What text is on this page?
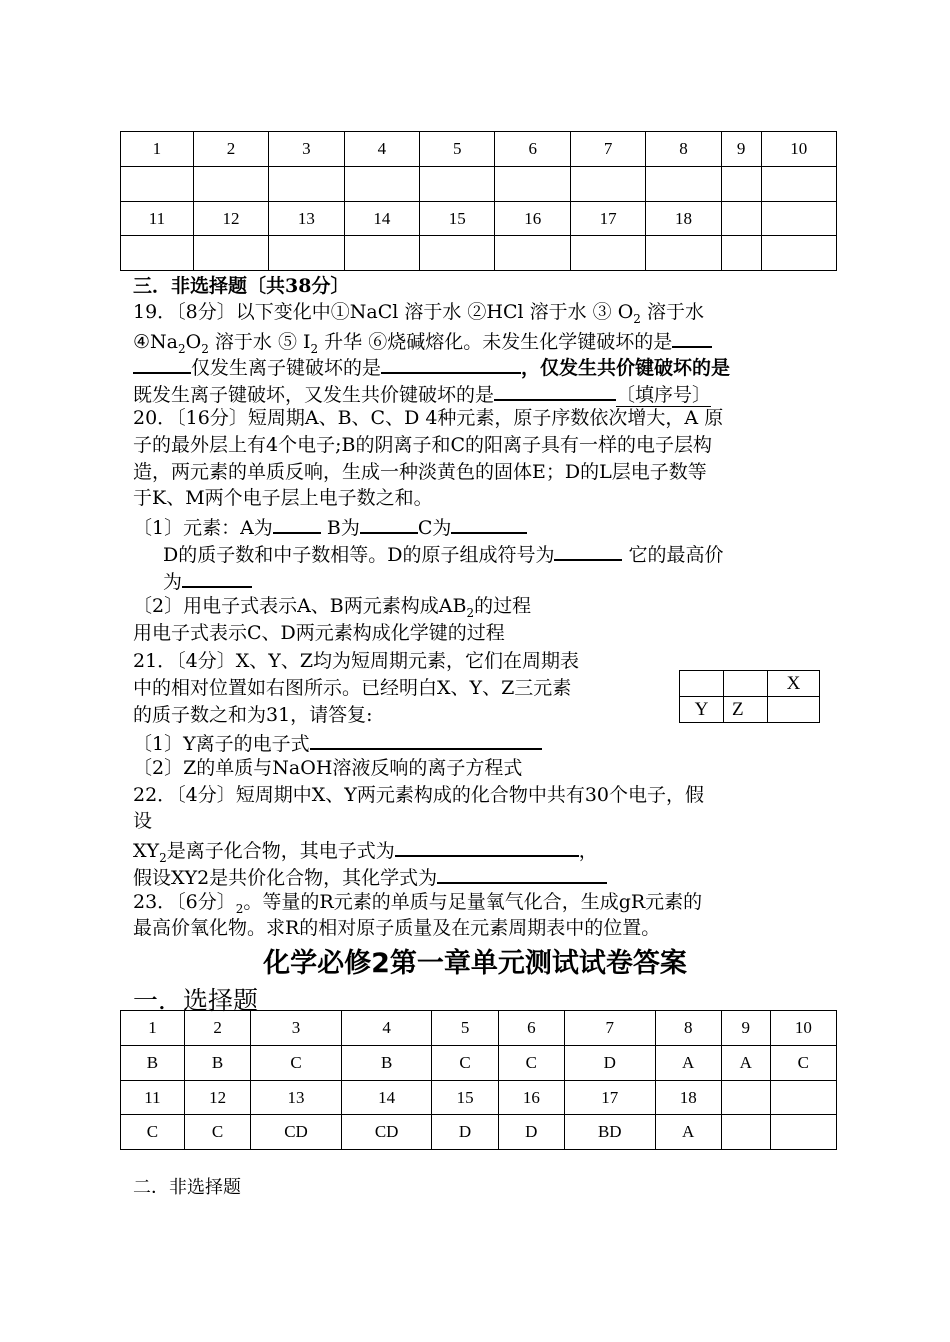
1	2	3	4	5	6	7	8	9	10

11	12	13	14	15	16	17	18		

三．非选择题〔共38分〕
19．〔8分〕以下变化中①NaCl 溶于水 ②HCl 溶于水 ③ $O_2$ 溶于水
$④Na_2O_2$ 溶于水 ⑤ $I_2$ 升华 ⑥烧碱熔化。未发生化学键破坏的是
仅发生离子键破坏的是	，仅发生共价键破坏的是
既发生离子键破坏，又发生共价键破坏的是	〔填序号〕
20．〔16分〕短周期A、B、C、D 4种元素，原子序数依次增大，A 原
子的最外层上有4个电子;B的阴离子和C的阳离子具有一样的电子层构
造，两元素的单质反响，生成一种淡黄色的固体E；D的L层电子数等
于K、M两个电子层上电子数之和。
〔1〕元素：A为	B为	C为
D的质子数和中子数相等。D的原子组成符号为	它的最高价
为
〔2〕用电子式表示A、B两元素构成$AB_2$的过程
用电子式表示C、D两元素构成化学键的过程
21．〔4分〕X、Y、Z均为短周期元素，它们在周期表
中的相对位置如右图所示。已经明白X、Y、Z三元素
的质子数之和为31，请答复:
		X
Y	Z	
〔1〕Y离子的电子式
〔2〕Z的单质与NaOH溶液反响的离子方程式
22．〔4分〕短周期中X、Y两元素构成的化合物中共有30个电子，假
设
$XY_2$是离子化合物，其电子式为	，
假设XY2是共价化合物，其化学式为
23．〔6分〕$_2$。等量的R元素的单质与足量氧气化合，生成gR元素的
最高价氧化物。求R的相对原子质量及在元素周期表中的位置。
化学必修2第一章单元测试试卷答案
一．选择题
1	2	3	4	5	6	7	8	9	10
B	B	C	B	C	C	D	A	A	C
11	12	13	14	15	16	17	18		
C	C	CD	CD	D	D	BD	A		
二．非选择题
